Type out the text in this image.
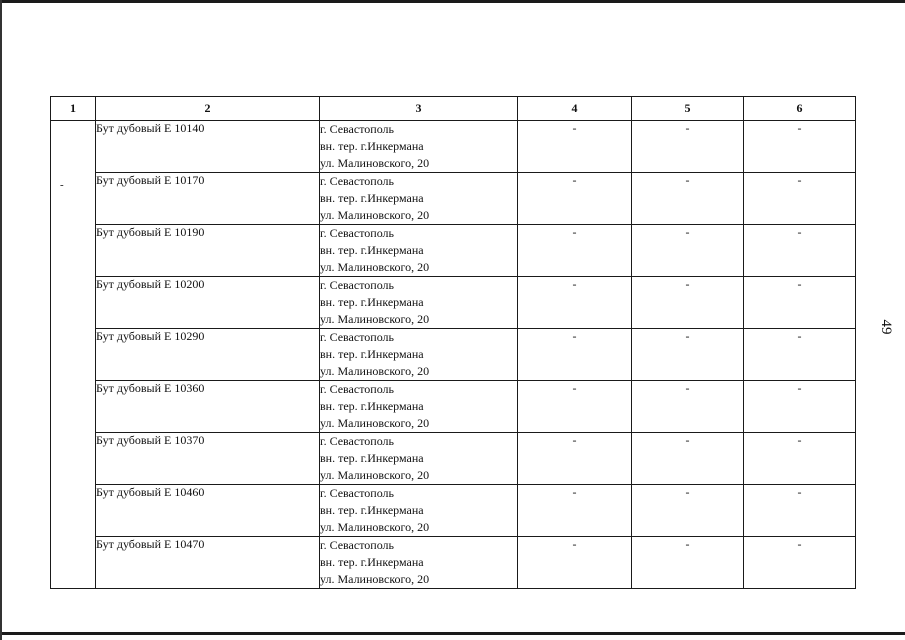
49
-
1	2	3	4	5	6
	Бут дубовый Е 10140	г. Севастополь
вн. тер. г.Инкермана
ул. Малиновского, 20	-	-	-
	Бут дубовый Е 10170	г. Севастополь
вн. тер. г.Инкермана
ул. Малиновского, 20	-	-	-
	Бут дубовый Е 10190	г. Севастополь
вн. тер. г.Инкермана
ул. Малиновского, 20	-	-	-
	Бут дубовый Е 10200	г. Севастополь
вн. тер. г.Инкермана
ул. Малиновского, 20	-	-	-
	Бут дубовый Е 10290	г. Севастополь
вн. тер. г.Инкермана
ул. Малиновского, 20	-	-	-
	Бут дубовый Е 10360	г. Севастополь
вн. тер. г.Инкермана
ул. Малиновского, 20	-	-	-
	Бут дубовый Е 10370	г. Севастополь
вн. тер. г.Инкермана
ул. Малиновского, 20	-	-	-
	Бут дубовый Е 10460	г. Севастополь
вн. тер. г.Инкермана
ул. Малиновского, 20	-	-	-
	Бут дубовый Е 10470	г. Севастополь
вн. тер. г.Инкермана
ул. Малиновского, 20	-	-	-
